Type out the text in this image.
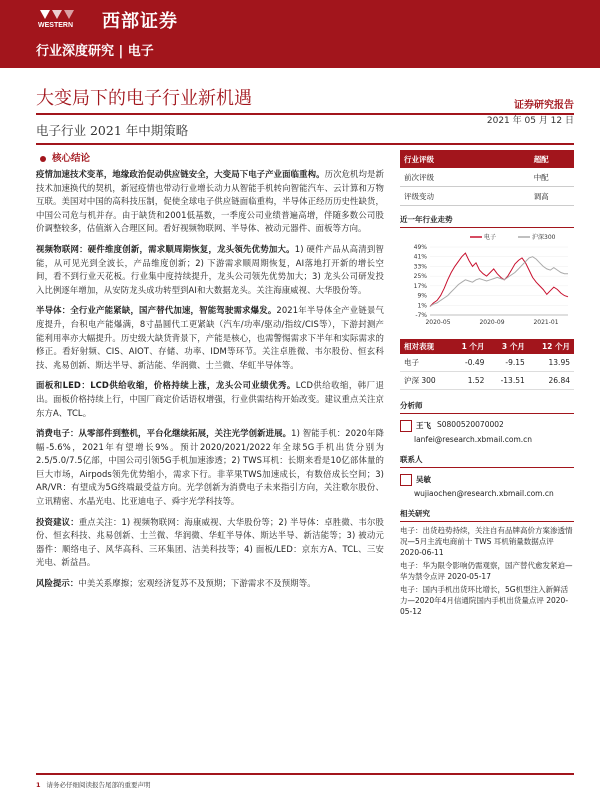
WESTERN 西部证券
行业深度研究 | 电子
大变局下的电子行业新机遇
电子行业 2021 年中期策略
证券研究报告
2021 年 05 月 12 日
核心结论

疫情加速技术变革，地缘政治促动供应链安全，大变局下电子产业面临重构。历次危机均是新技术加速换代的契机，新冠疫情也带动行业增长动力从智能手机转向智能汽车、云计算和万物互联。美国对中国的高科技压制，促使全球电子供应链面临重构，半导体正经历历史性缺货，中国公司危与机并存。由于缺货和2001低基数，一季度公司业绩普遍高增，伴随多数公司股价调整较多，估值渐入合理区间。看好视频物联网、半导体、被动元器件、面板等方向。

视频物联网：硬件维度创新，需求顺周期恢复，龙头领先优势加大。1) 硬件产品从高清到智能，从可见光到全波长，产品维度创新；2) 下游需求顺周期恢复，AI落地打开新的增长空间，看不到行业天花板。行业集中度持续提升，龙头公司领先优势加大；3) 龙头公司研发投入比例逐年增加，从安防龙头成功转型到AI和大数据龙头。关注海康威视、大华股份等。

半导体：全行业产能紧缺，国产替代加速，智能驾驶需求爆发。2021年半导体全产业链景气度提升，台积电产能爆满，8寸晶圆代工更紧缺（汽车/功率/驱动/指纹/CIS等），下游封测产能利用率亦大幅提升。历史级大缺货背景下，产能是核心，也需警惕需求下半年和实际需求的修正。看好射频、CIS、AIOT、存储、功率、IDM等环节。关注卓胜微、韦尔股份、恒玄科技、兆易创新、斯达半导、新洁能、华润微、士兰微、华虹半导体等。

面板和LED：LCD供给收缩，价格持续上涨，龙头公司业绩优秀。LCD供给收缩，韩厂退出。面板价格持续上行，中国厂商定价话语权增强，行业供需结构开始改变。建议重点关注京东方A、TCL。

消费电子：从零部件到整机，平台化继续拓展，关注光学创新进展。1) 智能手机：2020年降幅-5.6%，2021年有望增长9%。预计2020/2021/2022年全球5G手机出货分别为2.5/5.0/7.5亿部，中国公司引领5G手机加速渗透；2) TWS耳机：长期来看是10亿部体量的巨大市场，Airpods领先优势缩小，需求下行。非苹果TWS加速成长，有数倍成长空间；3) AR/VR：有望成为5G终端最受益方向。光学创新为消费电子未来指引方向，关注歌尔股份、立讯精密、水晶光电、比亚迪电子、舜宇光学科技等。

投资建议：重点关注：1) 视频物联网：海康威视、大华股份等；2) 半导体：卓胜微、韦尔股份、恒玄科技、兆易创新、士兰微、华润微、华虹半导体、斯达半导、新洁能等；3) 被动元器件：顺络电子、风华高科、三环集团、洁美科技等；4) 面板/LED：京东方A、TCL、三安光电、新益昌。

风险提示：中美关系摩擦；宏观经济复苏不及预期；下游需求不及预期等。

行业评级	超配
前次评级	中配
评级变动	调高
近一年行业走势
-7%
1%
9%
17%
25%
33%
41%
49%
2020-05	2020-09	2021-01
电子	沪深300
相对表现	1 个月	3 个月	12 个月
电子	-0.49	-9.15	13.95
沪深 300	1.52	-13.51	26.84
分析师
王飞 S0800520070002
lanfei@research.xbmail.com.cn
联系人
吴敏
wujiaochen@research.xbmail.com.cn
相关研究
电子：出货趋势持续，关注自有品牌高价方案渗透情况—5月主流电商前十 TWS 耳机销量数据点评 2020-06-11
电子：华为限令影响仍需观察，国产替代愈发紧迫—华为禁令点评 2020-05-17
电子：国内手机出货环比增长，5G机型注入新鲜活力—2020年4月信通院国内手机出货量点评 2020-05-12
1 请务必仔细阅读报告尾部的重要声明
